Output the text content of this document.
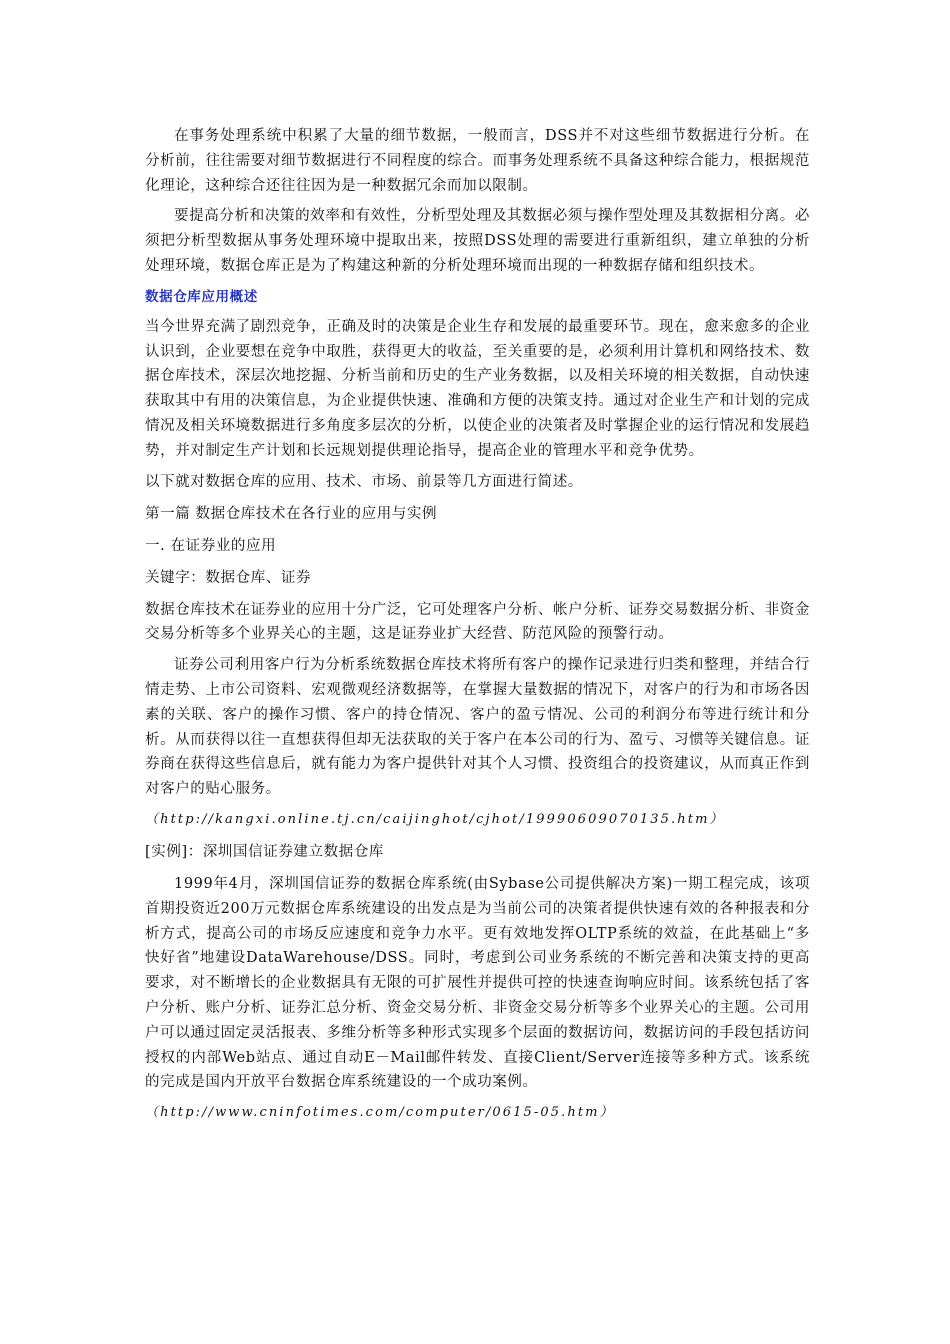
在事务处理系统中积累了大量的细节数据，一般而言，DSS并不对这些细节数据进行分析。在分析前，往往需要对细节数据进行不同程度的综合。而事务处理系统不具备这种综合能力，根据规范化理论，这种综合还往往因为是一种数据冗余而加以限制。

要提高分析和决策的效率和有效性，分析型处理及其数据必须与操作型处理及其数据相分离。必须把分析型数据从事务处理环境中提取出来，按照DSS处理的需要进行重新组织，建立单独的分析处理环境，数据仓库正是为了构建这种新的分析处理环境而出现的一种数据存储和组织技术。

数据仓库应用概述

当今世界充满了剧烈竞争，正确及时的决策是企业生存和发展的最重要环节。现在，愈来愈多的企业认识到，企业要想在竞争中取胜，获得更大的收益，至关重要的是，必须利用计算机和网络技术、数据仓库技术，深层次地挖掘、分析当前和历史的生产业务数据，以及相关环境的相关数据，自动快速获取其中有用的决策信息，为企业提供快速、准确和方便的决策支持。通过对企业生产和计划的完成情况及相关环境数据进行多角度多层次的分析，以使企业的决策者及时掌握企业的运行情况和发展趋势，并对制定生产计划和长远规划提供理论指导，提高企业的管理水平和竞争优势。

以下就对数据仓库的应用、技术、市场、前景等几方面进行简述。

第一篇 数据仓库技术在各行业的应用与实例

一. 在证券业的应用

关键字：数据仓库、证券

数据仓库技术在证券业的应用十分广泛，它可处理客户分析、帐户分析、证券交易数据分析、非资金交易分析等多个业界关心的主题，这是证券业扩大经营、防范风险的预警行动。

证券公司利用客户行为分析系统数据仓库技术将所有客户的操作记录进行归类和整理，并结合行情走势、上市公司资料、宏观微观经济数据等，在掌握大量数据的情况下，对客户的行为和市场各因素的关联、客户的操作习惯、客户的持仓情况、客户的盈亏情况、公司的利润分布等进行统计和分析。从而获得以往一直想获得但却无法获取的关于客户在本公司的行为、盈亏、习惯等关键信息。证券商在获得这些信息后，就有能力为客户提供针对其个人习惯、投资组合的投资建议，从而真正作到对客户的贴心服务。

（http://kangxi.online.tj.cn/caijinghot/cjhot/19990609070135.htm）

[实例]：深圳国信证券建立数据仓库

1999年4月，深圳国信证券的数据仓库系统(由Sybase公司提供解决方案)一期工程完成，该项首期投资近200万元数据仓库系统建设的出发点是为当前公司的决策者提供快速有效的各种报表和分析方式，提高公司的市场反应速度和竞争力水平。更有效地发挥OLTP系统的效益，在此基础上“多快好省”地建设DataWarehouse/DSS。同时，考虑到公司业务系统的不断完善和决策支持的更高要求，对不断增长的企业数据具有无限的可扩展性并提供可控的快速查询响应时间。该系统包括了客户分析、账户分析、证券汇总分析、资金交易分析、非资金交易分析等多个业界关心的主题。公司用户可以通过固定灵活报表、多维分析等多种形式实现多个层面的数据访问，数据访问的手段包括访问授权的内部Web站点、通过自动E－Mail邮件转发、直接Client/Server连接等多种方式。该系统的完成是国内开放平台数据仓库系统建设的一个成功案例。

（http://www.cninfotimes.com/computer/0615-05.htm）
